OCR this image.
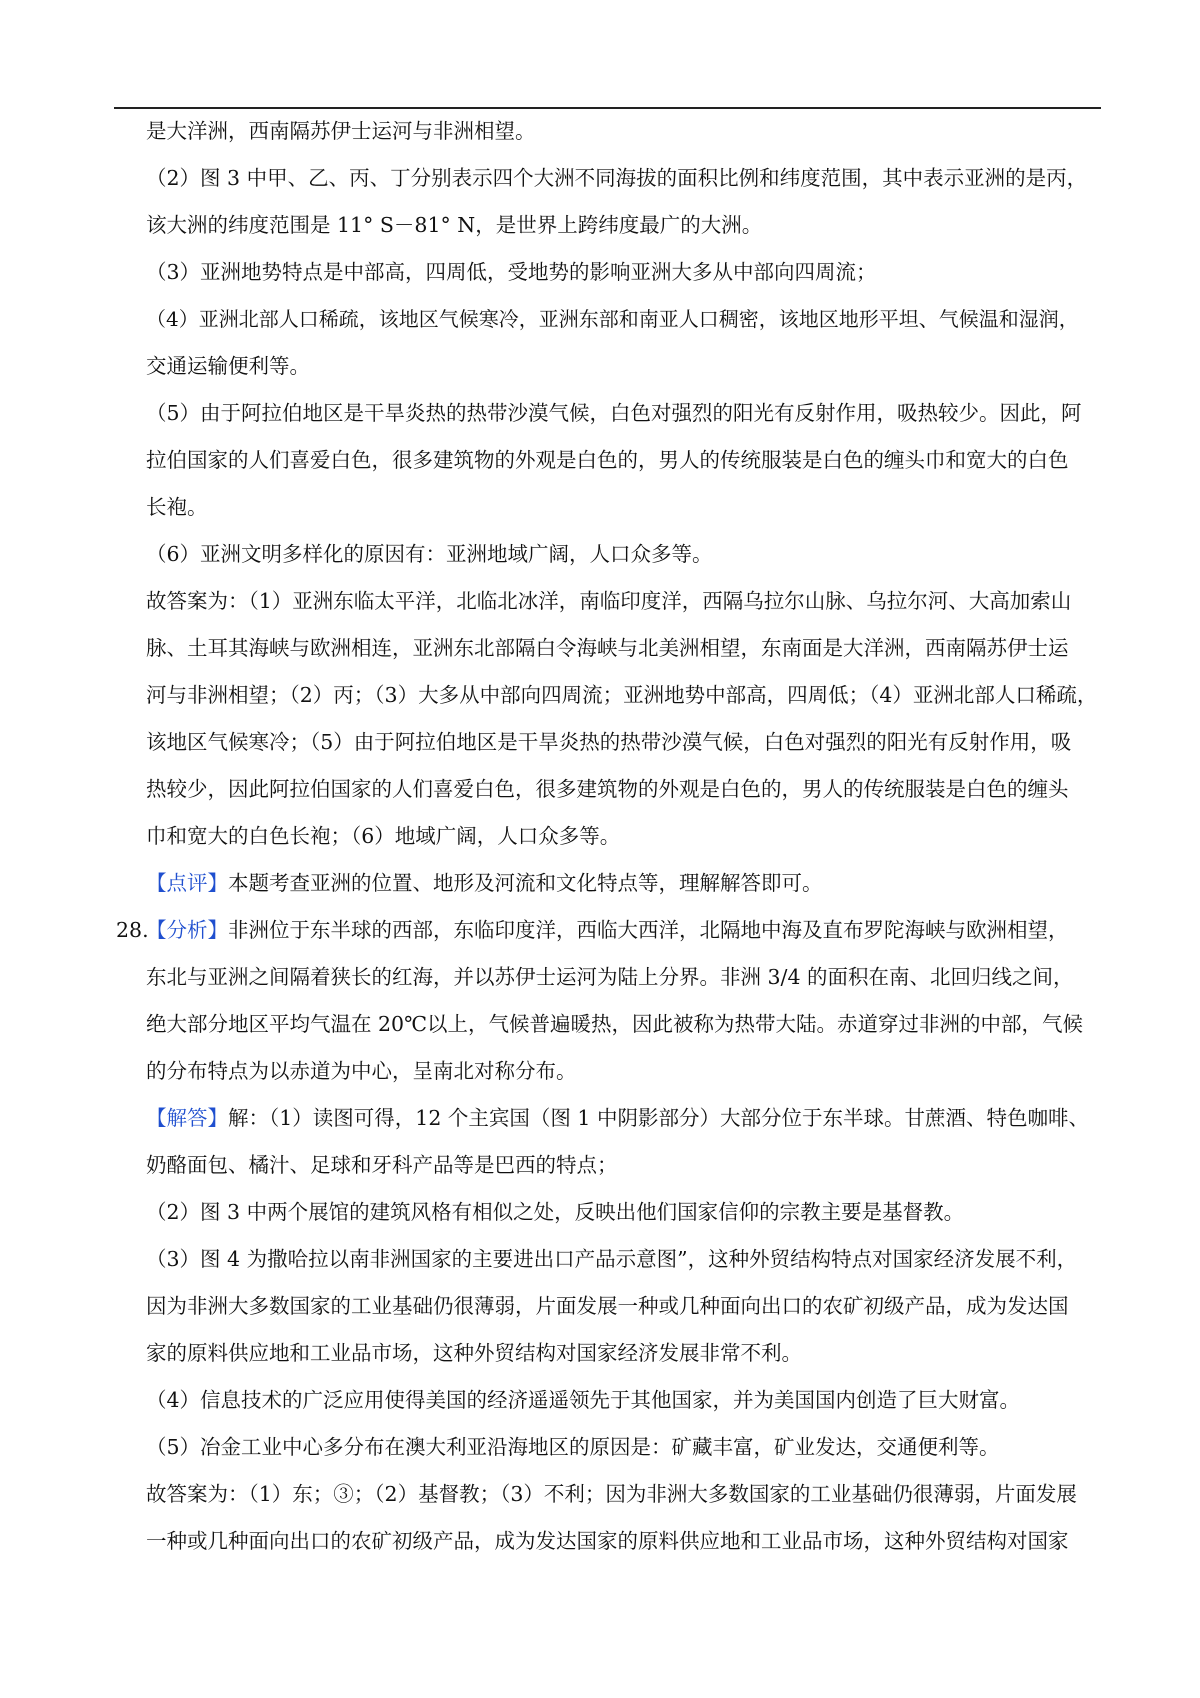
是大洋洲，西南隔苏伊士运河与非洲相望。
（2）图 3 中甲、乙、丙、丁分别表示四个大洲不同海拔的面积比例和纬度范围，其中表示亚洲的是丙，
该大洲的纬度范围是 11° S－81° N，是世界上跨纬度最广的大洲。
（3）亚洲地势特点是中部高，四周低，受地势的影响亚洲大多从中部向四周流；
（4）亚洲北部人口稀疏，该地区气候寒冷，亚洲东部和南亚人口稠密，该地区地形平坦、气候温和湿润，
交通运输便利等。
（5）由于阿拉伯地区是干旱炎热的热带沙漠气候，白色对强烈的阳光有反射作用，吸热较少。因此，阿
拉伯国家的人们喜爱白色，很多建筑物的外观是白色的，男人的传统服装是白色的缠头巾和宽大的白色
长袍。
（6）亚洲文明多样化的原因有：亚洲地域广阔，人口众多等。
故答案为：（1）亚洲东临太平洋，北临北冰洋，南临印度洋，西隔乌拉尔山脉、乌拉尔河、大高加索山
脉、土耳其海峡与欧洲相连，亚洲东北部隔白令海峡与北美洲相望，东南面是大洋洲，西南隔苏伊士运
河与非洲相望；（2）丙；（3）大多从中部向四周流；亚洲地势中部高，四周低；（4）亚洲北部人口稀疏，
该地区气候寒冷；（5）由于阿拉伯地区是干旱炎热的热带沙漠气候，白色对强烈的阳光有反射作用，吸
热较少，因此阿拉伯国家的人们喜爱白色，很多建筑物的外观是白色的，男人的传统服装是白色的缠头
巾和宽大的白色长袍；（6）地域广阔，人口众多等。
【点评】本题考查亚洲的位置、地形及河流和文化特点等，理解解答即可。
28.
【分析】非洲位于东半球的西部，东临印度洋，西临大西洋，北隔地中海及直布罗陀海峡与欧洲相望，
东北与亚洲之间隔着狭长的红海，并以苏伊士运河为陆上分界。非洲 3/4 的面积在南、北回归线之间，
绝大部分地区平均气温在 20℃以上，气候普遍暖热，因此被称为热带大陆。赤道穿过非洲的中部，气候
的分布特点为以赤道为中心，呈南北对称分布。
【解答】解：（1）读图可得，12 个主宾国（图 1 中阴影部分）大部分位于东半球。甘蔗酒、特色咖啡、
奶酪面包、橘汁、足球和牙科产品等是巴西的特点；
（2）图 3 中两个展馆的建筑风格有相似之处，反映出他们国家信仰的宗教主要是基督教。
（3）图 4 为撒哈拉以南非洲国家的主要进出口产品示意图”，这种外贸结构特点对国家经济发展不利，
因为非洲大多数国家的工业基础仍很薄弱，片面发展一种或几种面向出口的农矿初级产品，成为发达国
家的原料供应地和工业品市场，这种外贸结构对国家经济发展非常不利。
（4）信息技术的广泛应用使得美国的经济遥遥领先于其他国家，并为美国国内创造了巨大财富。
（5）冶金工业中心多分布在澳大利亚沿海地区的原因是：矿藏丰富，矿业发达，交通便利等。
故答案为：（1）东；③；（2）基督教；（3）不利；因为非洲大多数国家的工业基础仍很薄弱，片面发展
一种或几种面向出口的农矿初级产品，成为发达国家的原料供应地和工业品市场，这种外贸结构对国家
